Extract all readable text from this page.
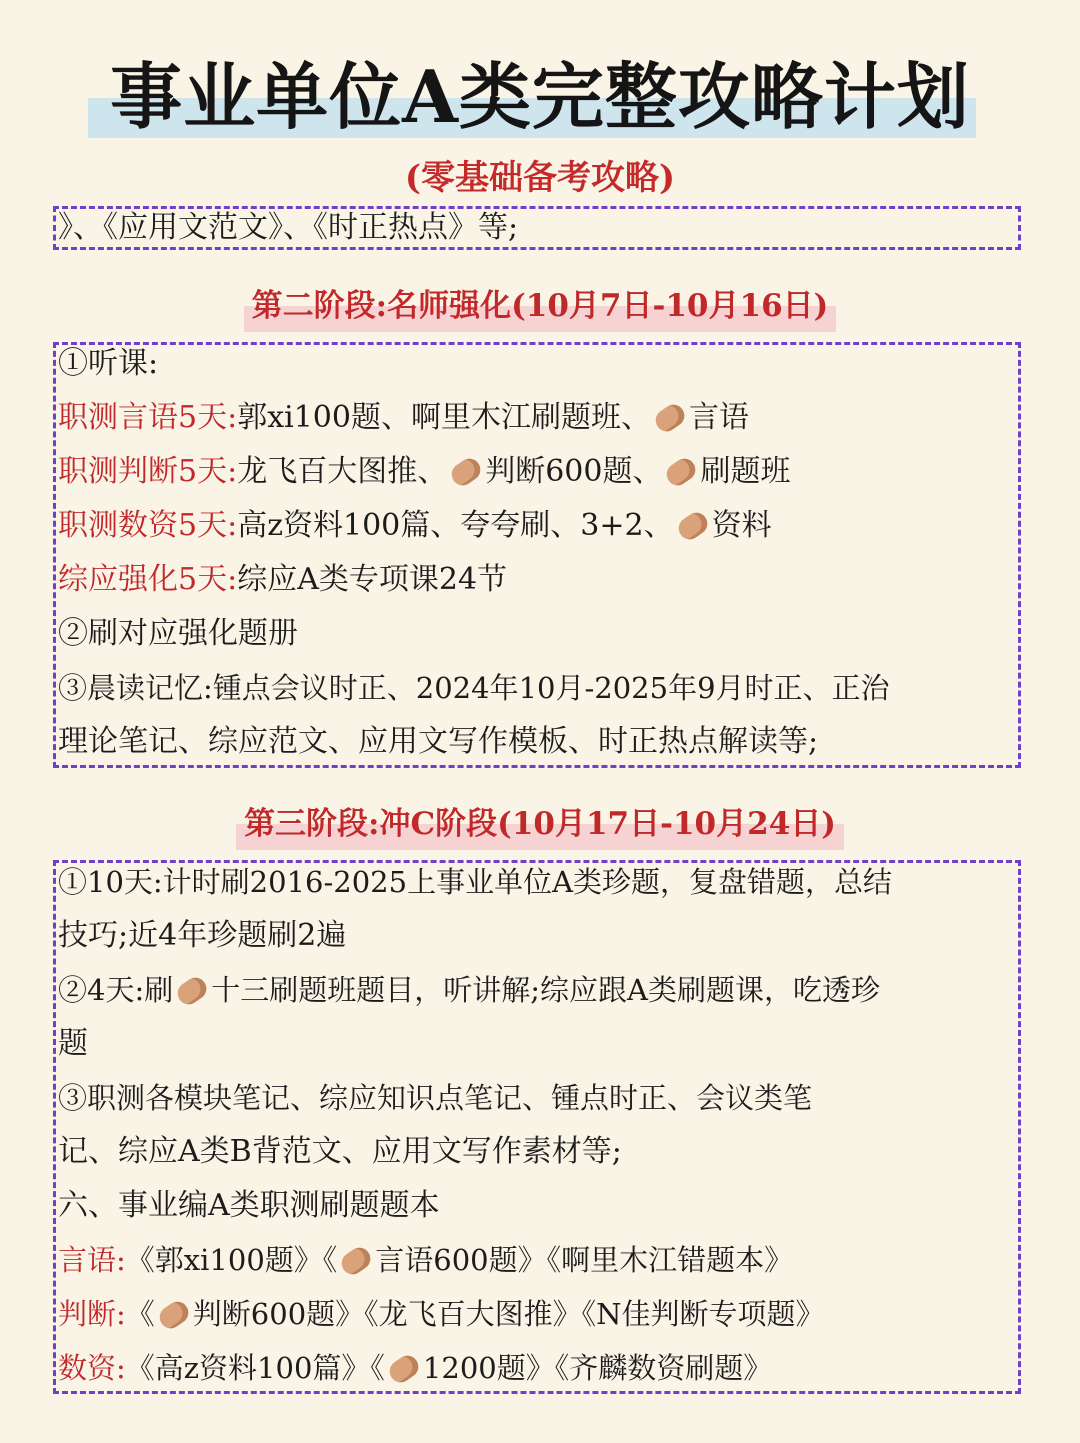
事业单位A类完整攻略计划
(零基础备考攻略)
》、《应用文范文》、《时正热点》等;
第二阶段:名师强化(10月7日-10月16日)
①听课:
职测言语5天:郭xi100题、啊里木江刷题班、 言语
职测判断5天:龙飞百大图推、 判断600题、 刷题班
职测数资5天:高z资料100篇、夸夸刷、3+2、 资料
综应强化5天:综应A类专项课24节
②刷对应强化题册
③晨读记忆:锺点会议时正、2024年10月-2025年9月时正、正治
理论笔记、综应范文、应用文写作模板、时正热点解读等;
第三阶段:冲C阶段(10月17日-10月24日)
①10天:计时刷2016-2025上事业单位A类珍题，复盘错题，总结
技巧;近4年珍题刷2遍
②4天:刷 十三刷题班题目，听讲解;综应跟A类刷题课，吃透珍
题
③职测各模块笔记、综应知识点笔记、锺点时正、会议类笔
记、综应A类B背范文、应用文写作素材等;
六、事业编A类职测刷题题本
言语:《郭xi100题》《 言语600题》《啊里木江错题本》
判断:《 判断600题》《龙飞百大图推》《N佳判断专项题》
数资:《高z资料100篇》《 1200题》《齐麟数资刷题》
